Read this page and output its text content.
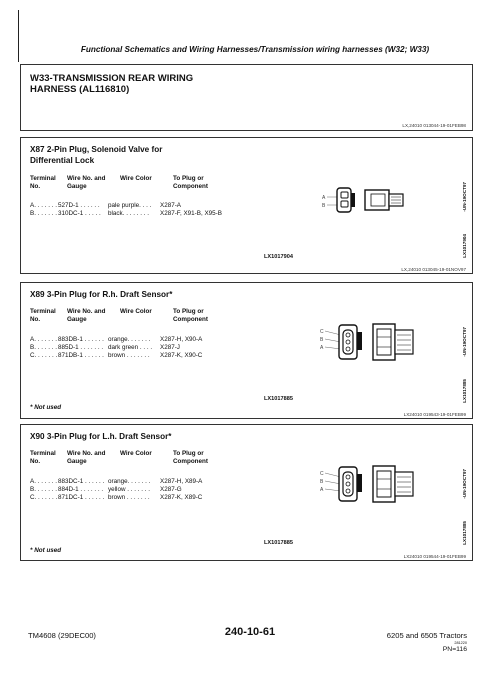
Functional Schematics and Wiring Harnesses/Transmission wiring harnesses (W32; W33)
W33-TRANSMISSION REAR WIRING
HARNESS (AL116810)
LX,24010 013044-19-01FEB98
X87 2-Pin Plug, Solenoid Valve for
Differential Lock
Terminal
No.
Wire No. and
Gauge
Wire Color	To Plug or
Component
A. . . . . . .527D-1 . . . . . .pale purple. . . .X287-A
B. . . . . . .310DC-1 . . . . .black. . . . . . . .X287-F, X91-B, X95-B
A
B
LX1017904
-UN-19OCT97
LX1017904
LX,24010 013045-19-01NOV97
X89 3-Pin Plug for R.h. Draft Sensor*
Terminal
No.
Wire No. and
Gauge
Wire Color	To Plug or
Component
A. . . . . . .883DB-1 . . . . . .orange. . . . . . .X287-H, X90-A
B. . . . . . .885D-1 . . . . . . .dark green . . . .X287-J
C. . . . . . .871DB-1 . . . . . .brown . . . . . . .X287-K, X90-C
C
B
A
LX1017885
-UN-19OCT97
LX1017885
* Not used
LX24010 019543-19-01FEB99
X90 3-Pin Plug for L.h. Draft Sensor*
Terminal
No.
Wire No. and
Gauge
Wire Color	To Plug or
Component
A. . . . . . .883DC-1 . . . . . .orange. . . . . . .X287-H, X89-A
B. . . . . . .884D-1 . . . . . . .yellow . . . . . . .X287-G
C. . . . . . .871DC-1 . . . . . .brown . . . . . . .X287-K, X89-C
C
B
A
LX1017885
-UN-19OCT97
LX1017885
* Not used
LX24010 019544-19-01FEB99
TM4608 (29DEC00)	240-10-61	6205 and 6505 Tractors
281220
PN=116
